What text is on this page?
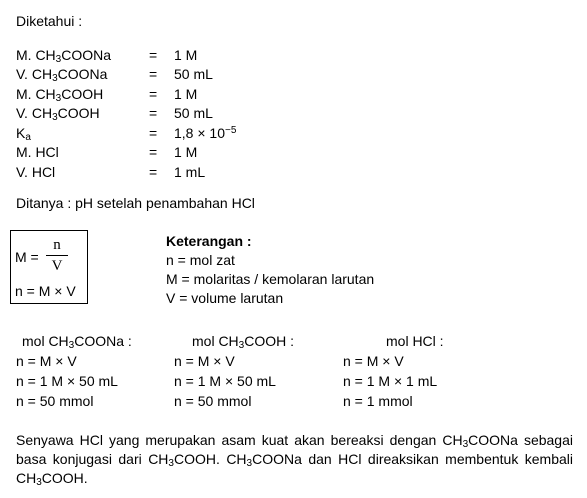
Diketahui :
M. $CH_3COONa$	= 1 M
V. $CH_3COONa$	= 50 mL
M. $CH_3COOH$	= 1 M
V. $CH_3COOH$	= 50 mL
$K_a$	= $1,8 \times 10^{-5}$
M. HCl	= 1 M
V. HCl	= 1 mL
Ditanya : pH setelah penambahan HCl
M =
n
V
n = M × V
Keterangan :
n = mol zat
M = molaritas / kemolaran larutan
V = volume larutan
mol $CH_3COONa$ :
n = M × V
n = 1 M × 50 mL
n = 50 mmol
mol $CH_3COOH$ :
n = M × V
n = 1 M × 50 mL
n = 50 mmol
mol HCl :
n = M × V
n = 1 M × 1 mL
n = 1 mmol
Senyawa HCl yang merupakan asam kuat akan bereaksi dengan $CH_3COONa$ sebagai basa konjugasi dari $CH_3COOH$. $CH_3COONa$ dan HCl direaksikan membentuk kembali $CH_3COOH$.
